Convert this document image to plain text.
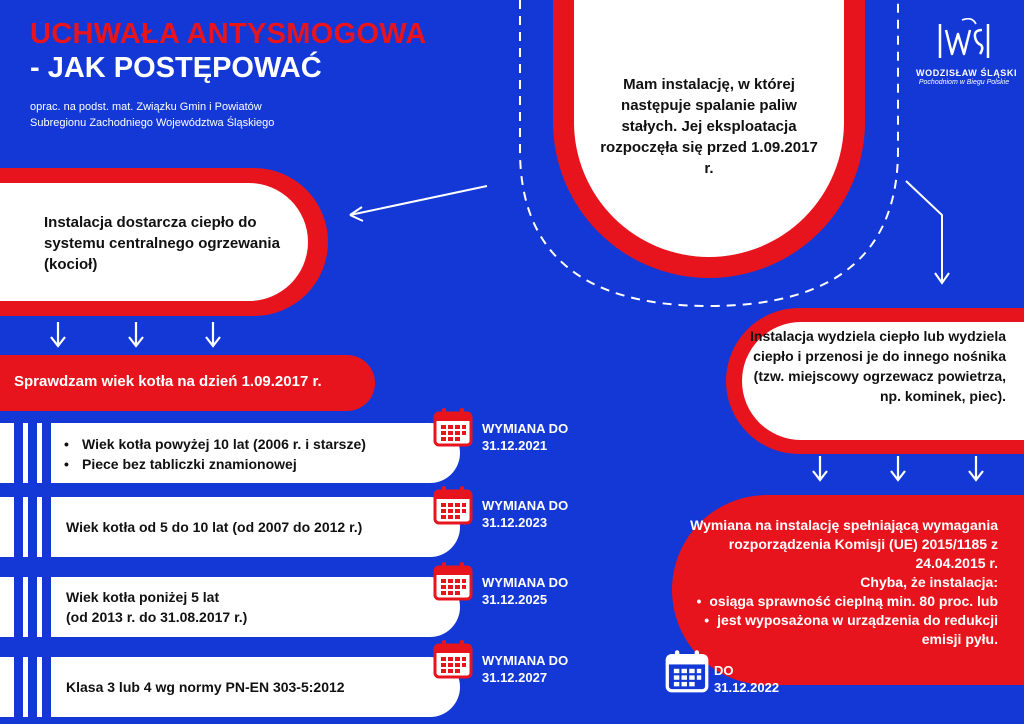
UCHWAŁA ANTYSMOGOWA
- JAK POSTĘPOWAĆ
oprac. na podst. mat. Związku Gmin i Powiatów
Subregionu Zachodniego Województwa Śląskiego
WODZISŁAW ŚLĄSKI
Pochodniom w Biegu Polskie
Mam instalację, w której następuje spalanie paliw stałych. Jej eksploatacja rozpoczęła się przed 1.09.2017 r.
Instalacja dostarcza ciepło do systemu centralnego ogrzewania (kocioł)
Sprawdzam wiek kotła na dzień 1.09.2017 r.
• Wiek kotła powyżej 10 lat (2006 r. i starsze)
• Piece bez tabliczki znamionowej
Wiek kotła od 5 do 10 lat (od 2007 do 2012 r.)
Wiek kotła poniżej 5 lat
(od 2013 r. do 31.08.2017 r.)
Klasa 3 lub 4 wg normy PN-EN 303-5:2012
WYMIANA DO
31.12.2021
WYMIANA DO
31.12.2023
WYMIANA DO
31.12.2025
WYMIANA DO
31.12.2027
Instalacja wydziela ciepło lub wydziela ciepło i przenosi je do innego nośnika (tzw. miejscowy ogrzewacz powietrza, np. kominek, piec).
Wymiana na instalację spełniającą wymagania rozporządzenia Komisji (UE) 2015/1185 z 24.04.2015 r.
Chyba, że instalacja:
• osiąga sprawność cieplną min. 80 proc. lub
• jest wyposażona w urządzenia do redukcji emisji pyłu.
DO
31.12.2022
